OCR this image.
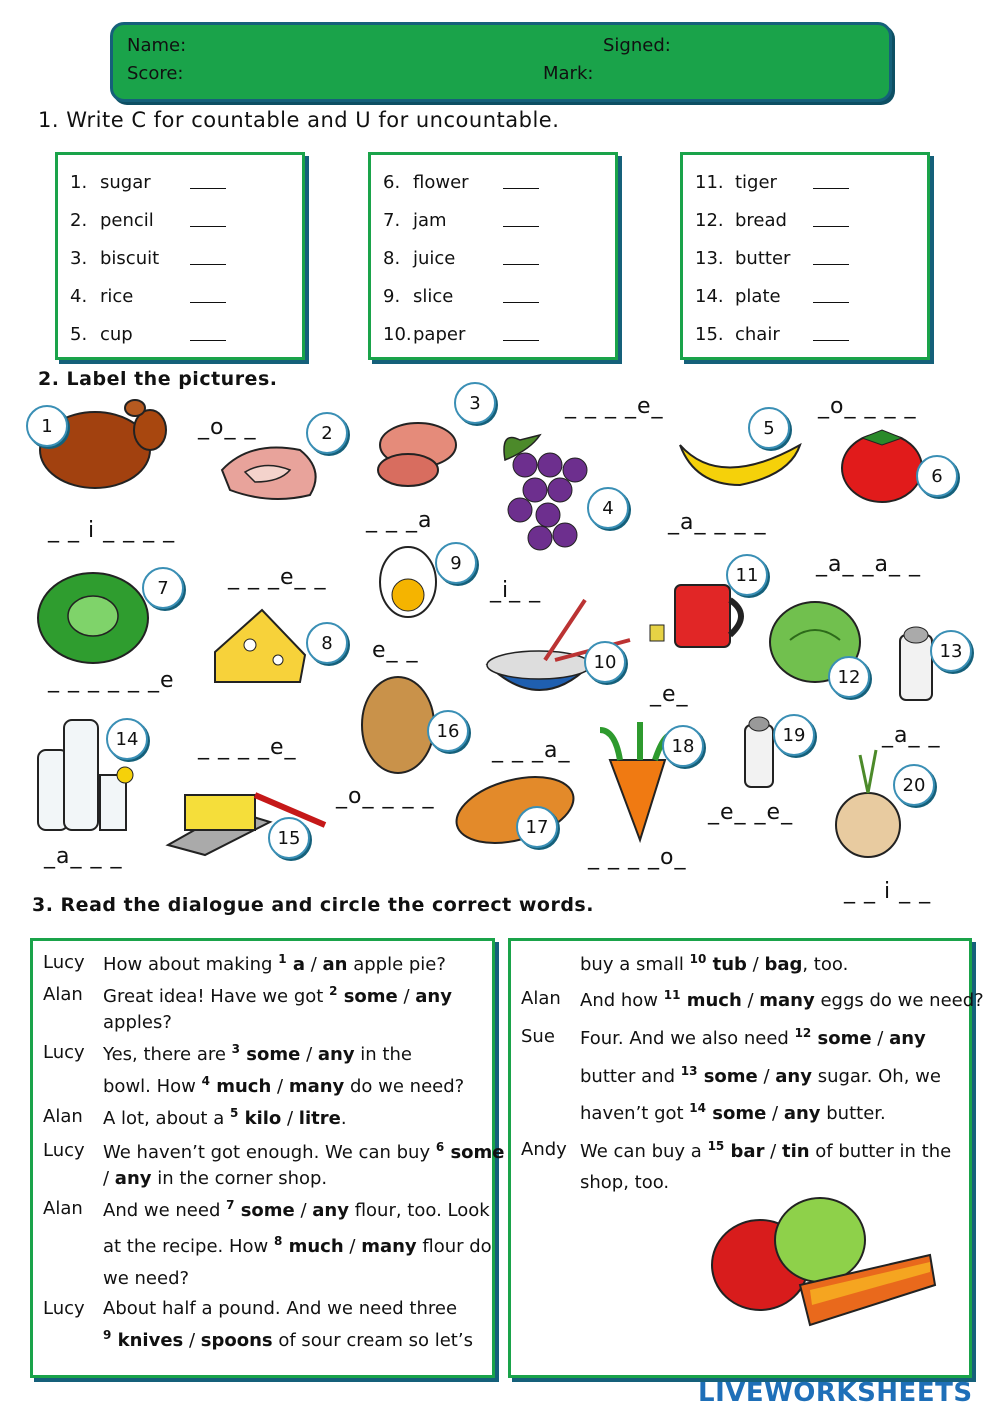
Name:	Signed:
Score:	Mark:
1. Write C for countable and U for uncountable.
1. sugar
2. pencil
3. biscuit
4. rice
5. cup
6. flower
7. jam
8. juice
9. slice
10. paper
11. tiger
12. bread
13. butter
14. plate
15. chair
2. Label the pictures.
1	2
3
4
5
6
7
8
9
10
11
12
13
14
15
16
17
18
19
20
_ _ i _ _ _ _
_o_ _
_ _ _a
_ _ _ _e_
_a_ _ _ _
_o_ _ _ _
_ _ _e_ _
_ _ _ _ _ _e
e_ _
_i_ _
_e_
_a_ _a_ _
_ _ _ _e_
_o_ _ _ _
_ _ _a_
_a_ _ _	_ _ _ _o_
_e_ _e_
_a_ _
_ _ i _ _
3. Read the dialogue and circle the correct words.
Lucy How about making $^1$ a / an apple pie?
Alan Great idea! Have we got $^2$ some / any
apples?
Lucy Yes, there are $^3$ some / any in the
bowl. How $^4$ much / many do we need?
Alan A lot, about a $^5$ kilo / litre.
Lucy We haven’t got enough. We can buy $^6$ some
/ any in the corner shop.
Alan And we need $^7$ some / any flour, too. Look
at the recipe. How $^8$ much / many flour do
we need?
Lucy About half a pound. And we need three
$^9$ knives / spoons of sour cream so let’s
buy a small $^{10}$ tub / bag, too.
Alan And how $^{11}$ much / many eggs do we need?
Sue Four. And we also need $^{12}$ some / any
butter and $^{13}$ some / any sugar. Oh, we
haven’t got $^{14}$ some / any butter.
Andy We can buy a $^{15}$ bar / tin of butter in the
shop, too.
LIVEWORKSHEETS
